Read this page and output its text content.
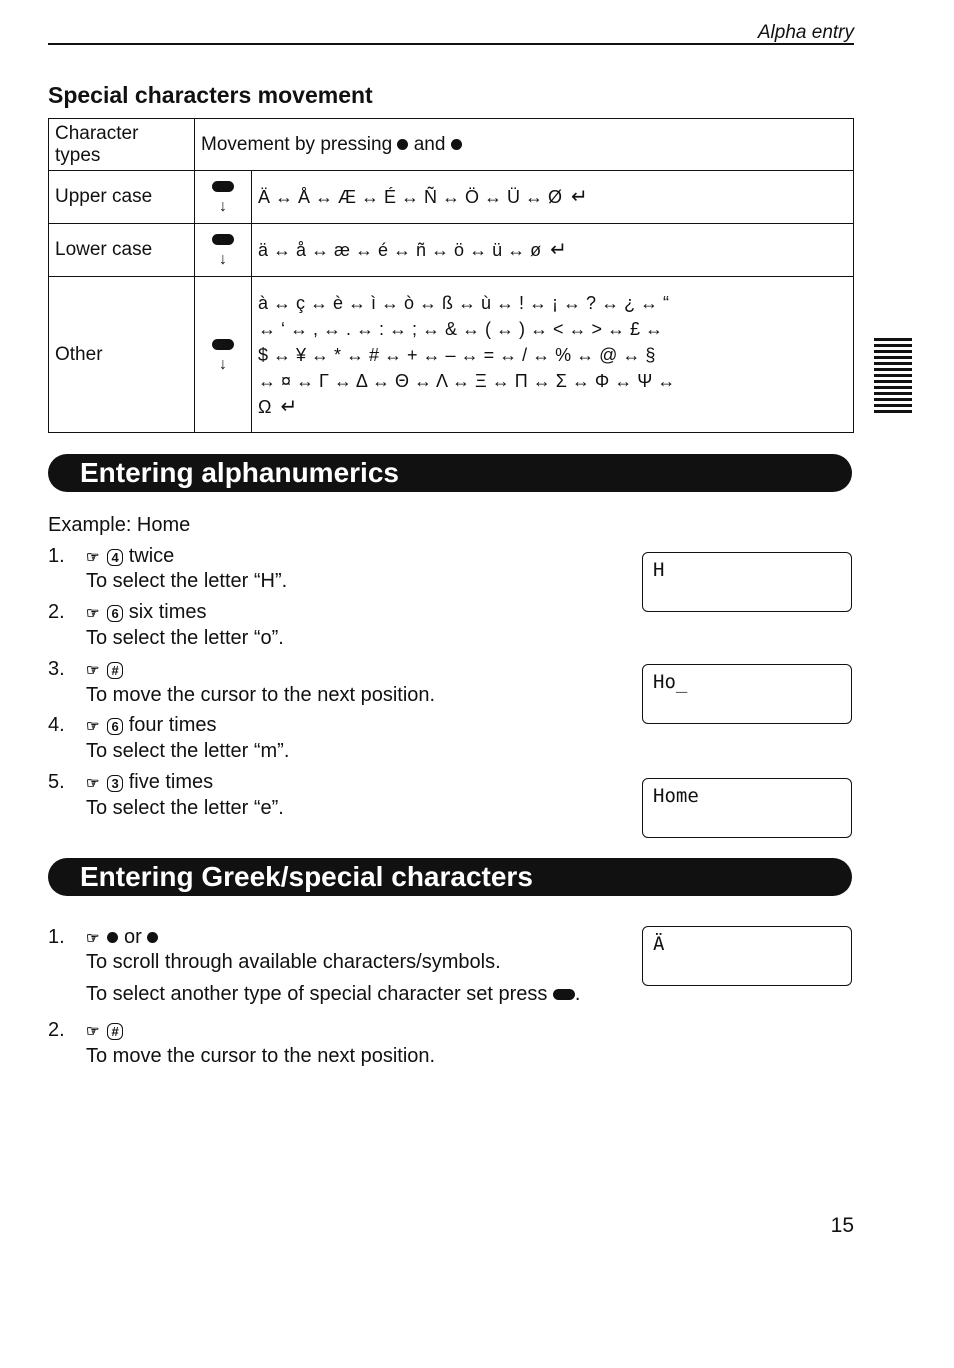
Alpha entry
Special characters movement
Character types	Movement by pressing and	
Upper case	↓	Ä ↔ Å ↔ Æ ↔ É ↔ Ñ ↔ Ö ↔ Ü ↔ Ø ↵
Lower case	↓	ä ↔ å ↔ æ ↔ é ↔ ñ ↔ ö ↔ ü ↔ ø ↵
Other	↓	à ↔ ç ↔ è ↔ ì ↔ ò ↔ ß ↔ ù ↔ ! ↔ ¡ ↔ ? ↔ ¿ ↔ “
↔ ‘ ↔ , ↔ . ↔ : ↔ ; ↔ & ↔ ( ↔ ) ↔ < ↔ > ↔ £ ↔
$ ↔ ¥ ↔ * ↔ # ↔ + ↔ – ↔ = ↔ / ↔ % ↔ @ ↔ §
↔ ¤ ↔ Γ ↔ Δ ↔ Θ ↔ Λ ↔ Ξ ↔ Π ↔ Σ ↔ Φ ↔ Ψ ↔
Ω ↵
Entering alphanumerics
Example: Home
1. ☞ 4 twice
To select the letter “H”.
2. ☞ 6 six times
To select the letter “o”.
3. ☞ #
To move the cursor to the next position.
4. ☞ 6 four times
To select the letter “m”.
5. ☞ 3 five times
To select the letter “e”.
H
Ho_
Home
Entering Greek/special characters
1. ☞ or
To scroll through available characters/symbols.
To select another type of special character set press .
2. ☞ #
To move the cursor to the next position.
Ä
15
